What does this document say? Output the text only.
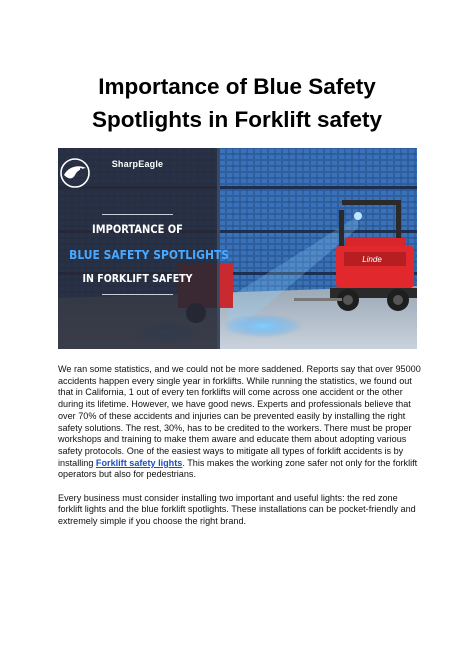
Importance of Blue Safety
Spotlights in Forklift safety
Linde
SharpEagle
IMPORTANCE OF
BLUE SAFETY SPOTLIGHTS
IN FORKLIFT SAFETY

We ran some statistics, and we could not be more saddened. Reports say that over 95000 accidents happen every single year in forklifts. While running the statistics, we found out that in California, 1 out of every ten forklifts will come across one accident or the other during its lifetime. However, we have good news. Experts and professionals believe that over 70% of these accidents and injuries can be prevented easily by installing the right safety solutions. The rest, 30%, has to be credited to the workers. There must be proper workshops and training to make them aware and educate them about adopting various safety protocols. One of the easiest ways to mitigate all types of forklift accidents is by installing Forklift safety lights. This makes the working zone safer not only for the forklift operators but also for pedestrians.

Every business must consider installing two important and useful lights: the red zone forklift lights and the blue forklift spotlights. These installations can be pocket-friendly and extremely simple if you choose the right brand.
